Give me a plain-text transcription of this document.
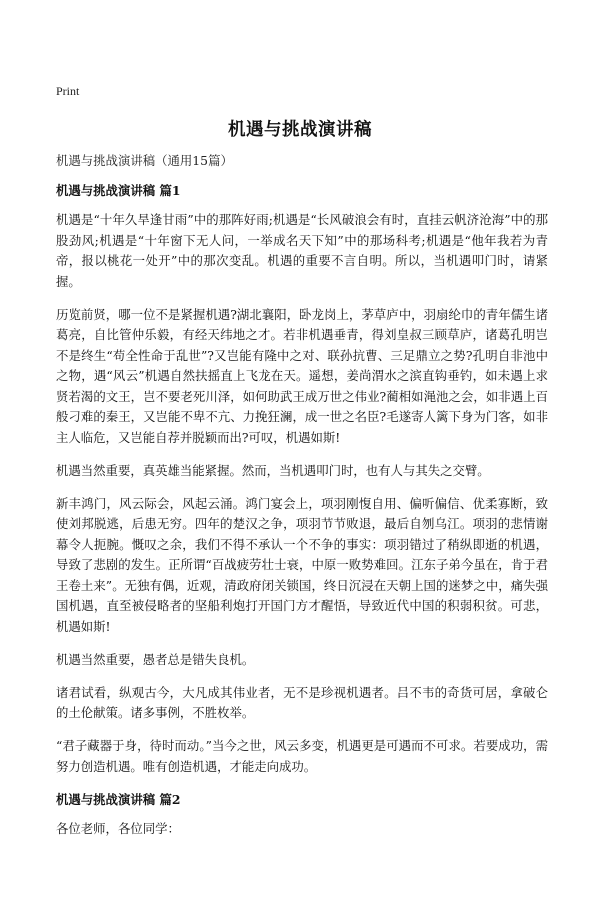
Print
机遇与挑战演讲稿

机遇与挑战演讲稿（通用15篇）

机遇与挑战演讲稿 篇1

机遇是“十年久旱逢甘雨”中的那阵好雨;机遇是“长风破浪会有时，直挂云帆济沧海”中的那股劲风;机遇是“十年窗下无人问，一举成名天下知”中的那场科考;机遇是“他年我若为青帝，报以桃花一处开”中的那次变乱。机遇的重要不言自明。所以，当机遇叩门时，请紧握。

历览前贤，哪一位不是紧握机遇?湖北襄阳，卧龙岗上，茅草庐中，羽扇纶巾的青年儒生诸葛亮，自比管仲乐毅，有经天纬地之才。若非机遇垂青，得刘皇叔三顾草庐，诸葛孔明岂不是终生“苟全性命于乱世”?又岂能有隆中之对、联孙抗曹、三足鼎立之势?孔明自非池中之物，遇“风云”机遇自然扶摇直上飞龙在天。遥想，姜尚渭水之滨直钩垂钓，如未遇上求贤若渴的文王，岂不要老死川泽，如何助武王成万世之伟业?蔺相如渑池之会，如非遇上百般刁难的秦王，又岂能不卑不亢、力挽狂澜，成一世之名臣?毛遂寄人篱下身为门客，如非主人临危，又岂能自荐并脱颖而出?可叹，机遇如斯!

机遇当然重要，真英雄当能紧握。然而，当机遇叩门时，也有人与其失之交臂。

新丰鸿门，风云际会，风起云涌。鸿门宴会上，项羽刚愎自用、偏听偏信、优柔寡断，致使刘邦脱逃，后患无穷。四年的楚汉之争，项羽节节败退，最后自刎乌江。项羽的悲情谢幕令人扼腕。慨叹之余，我们不得不承认一个不争的事实：项羽错过了稍纵即逝的机遇，导致了悲剧的发生。正所谓“百战疲劳壮士衰，中原一败势难回。江东子弟今虽在，肯于君王卷土来”。无独有偶，近观，清政府闭关锁国，终日沉浸在天朝上国的迷梦之中，痛失强国机遇，直至被侵略者的坚船利炮打开国门方才醒悟，导致近代中国的积弱积贫。可悲，机遇如斯!

机遇当然重要，愚者总是错失良机。

诸君试看，纵观古今，大凡成其伟业者，无不是珍视机遇者。吕不韦的奇货可居，拿破仑的土伦献策。诸多事例，不胜枚举。

“君子藏器于身，待时而动。”当今之世，风云多变，机遇更是可遇而不可求。若要成功，需努力创造机遇。唯有创造机遇，才能走向成功。

机遇与挑战演讲稿 篇2

各位老师，各位同学：
